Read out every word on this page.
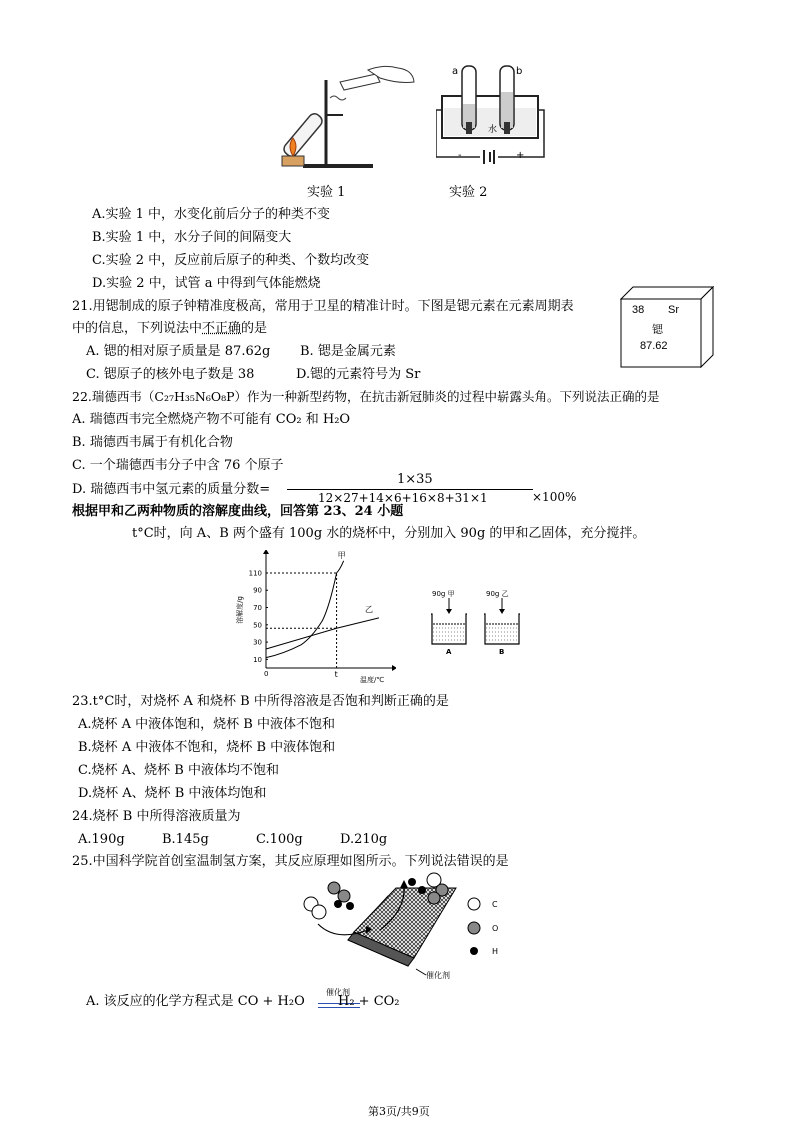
实验 1
-	+
水
a	b
实验 2
A.实验 1 中，水变化前后分子的种类不变
B.实验 1 中，水分子间的间隔变大
C.实验 2 中，反应前后原子的种类、个数均改变
D.实验 2 中，试管 a 中得到气体能燃烧
21.用锶制成的原子钟精准度极高，常用于卫星的精准计时。下图是锶元素在元素周期表
中的信息，下列说法中不正确的是
A. 锶的相对原子质量是 87.62g B. 锶是金属元素
C. 锶原子的核外电子数是 38	D.锶的元素符号为 Sr
38 Sr
锶
87.62
22.瑞德西韦（C₂₇H₃₅N₆O₈P）作为一种新型药物，在抗击新冠肺炎的过程中崭露头角。下列说法正确的是
A. 瑞德西韦完全燃烧产物不可能有 CO₂ 和 H₂O
B. 瑞德西韦属于有机化合物
C. 一个瑞德西韦分子中含 76 个原子
D. 瑞德西韦中氢元素的质量分数=
1×35
12×27+14×6+16×8+31×1	×100%
根据甲和乙两种物质的溶解度曲线，回答第 23、24 小题
t°C时，向 A、B 两个盛有 100g 水的烧杯中，分别加入 90g 的甲和乙固体，充分搅拌。
溶解度/g
温度/℃
10
30
50
70
90
110
0	t
甲
乙
90g 甲	90g 乙
A	B
23.t°C时，对烧杯 A 和烧杯 B 中所得溶液是否饱和判断正确的是
A.烧杯 A 中液体饱和，烧杯 B 中液体不饱和
B.烧杯 A 中液体不饱和，烧杯 B 中液体饱和
C.烧杯 A、烧杯 B 中液体均不饱和
D.烧杯 A、烧杯 B 中液体均饱和
24.烧杯 B 中所得溶液质量为
A.190g	B.145g	C.100g	D.210g
25.中国科学院首创室温制氢方案，其反应原理如图所示。下列说法错误的是
C
O
H
催化剂
A. 该反应的化学方程式是 CO + H₂O
催化剂
H₂ + CO₂
第3页/共9页
